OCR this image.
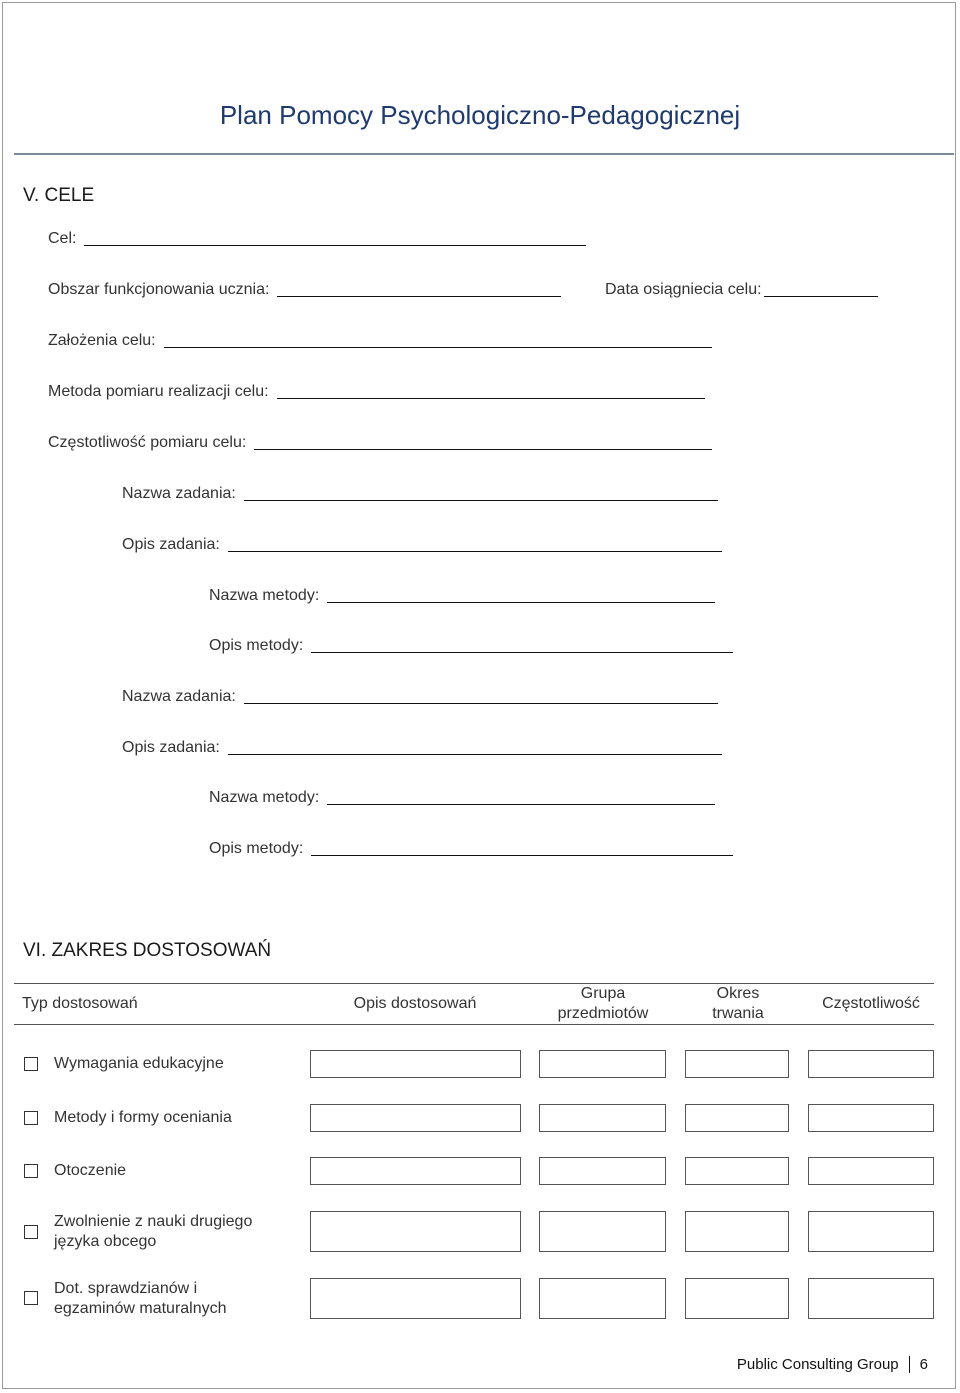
Plan Pomocy Psychologiczno-Pedagogicznej
V. CELE
Cel:
Obszar funkcjonowania ucznia:	Data osiągniecia celu:
Założenia celu:
Metoda pomiaru realizacji celu:
Częstotliwość pomiaru celu:
Nazwa zadania:
Opis zadania:
Nazwa metody:
Opis metody:
Nazwa zadania:
Opis zadania:
Nazwa metody:
Opis metody:
VI. ZAKRES DOSTOSOWAŃ
Typ dostosowań	Opis dostosowań
Grupa
przedmiotów
Okres
trwania
Częstotliwość
Wymagania edukacyjne
Metody i formy oceniania
Otoczenie
Zwolnienie z nauki drugiego
języka obcego
Dot. sprawdzianów i
egzaminów maturalnych
Public Consulting Group 6
